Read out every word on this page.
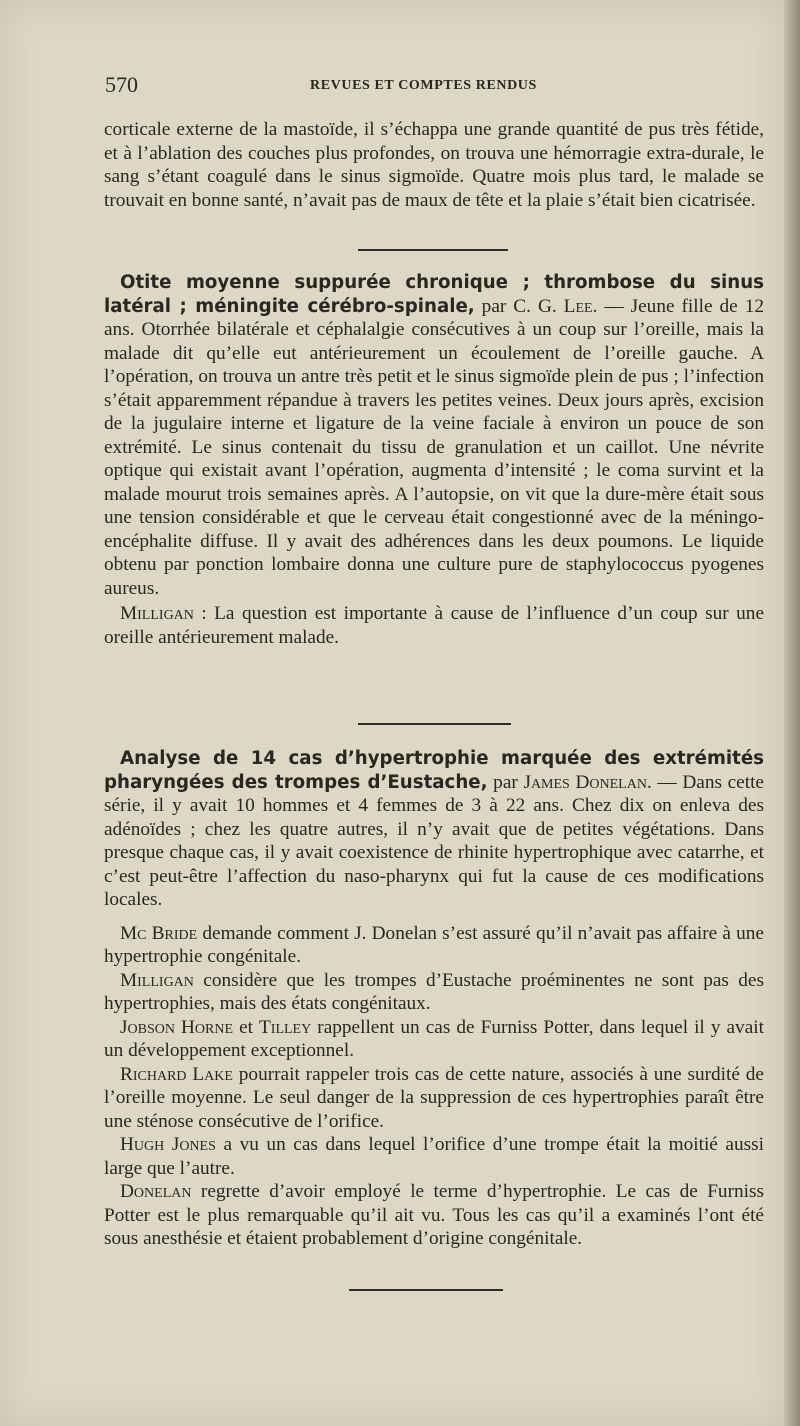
570	REVUES ET COMPTES RENDUS

corticale externe de la mastoïde, il s’échappa une grande quantité de pus très fétide, et à l’ablation des couches plus profondes, on trouva une hémorragie extra-durale, le sang s’étant coagulé dans le sinus sigmoïde. Quatre mois plus tard, le malade se trouvait en bonne santé, n’avait pas de maux de tête et la plaie s’était bien cicatrisée.

Otite moyenne suppurée chronique ; thrombose du sinus latéral ; méningite cérébro-spinale, par C. G. Lee. — Jeune fille de 12 ans. Otorrhée bilatérale et céphalalgie consécutives à un coup sur l’oreille, mais la malade dit qu’elle eut antérieurement un écoulement de l’oreille gauche. A l’opération, on trouva un antre très petit et le sinus sigmoïde plein de pus ; l’infection s’était apparemment répandue à travers les petites veines. Deux jours après, excision de la jugulaire interne et ligature de la veine faciale à environ un pouce de son extrémité. Le sinus contenait du tissu de granulation et un caillot. Une névrite optique qui existait avant l’opération, augmenta d’intensité ; le coma survint et la malade mourut trois semaines après. A l’autopsie, on vit que la dure-mère était sous une tension considérable et que le cerveau était congestionné avec de la méningo-encéphalite diffuse. Il y avait des adhérences dans les deux poumons. Le liquide obtenu par ponction lombaire donna une culture pure de staphylococcus pyogenes aureus.

Milligan : La question est importante à cause de l’influence d’un coup sur une oreille antérieurement malade.

Analyse de 14 cas d’hypertrophie marquée des extrémités pharyngées des trompes d’Eustache, par James Donelan. — Dans cette série, il y avait 10 hommes et 4 femmes de 3 à 22 ans. Chez dix on enleva des adénoïdes ; chez les quatre autres, il n’y avait que de petites végétations. Dans presque chaque cas, il y avait coexistence de rhinite hypertrophique avec catarrhe, et c’est peut-être l’affection du naso-pharynx qui fut la cause de ces modifications locales.

Mc Bride demande comment J. Donelan s’est assuré qu’il n’avait pas affaire à une hypertrophie congénitale.

Milligan considère que les trompes d’Eustache proéminentes ne sont pas des hypertrophies, mais des états congénitaux.

Jobson Horne et Tilley rappellent un cas de Furniss Potter, dans lequel il y avait un développement exceptionnel.

Richard Lake pourrait rappeler trois cas de cette nature, associés à une surdité de l’oreille moyenne. Le seul danger de la suppression de ces hypertrophies paraît être une sténose consécutive de l’orifice.

Hugh Jones a vu un cas dans lequel l’orifice d’une trompe était la moitié aussi large que l’autre.

Donelan regrette d’avoir employé le terme d’hypertrophie. Le cas de Furniss Potter est le plus remarquable qu’il ait vu. Tous les cas qu’il a examinés l’ont été sous anesthésie et étaient probablement d’origine congénitale.
